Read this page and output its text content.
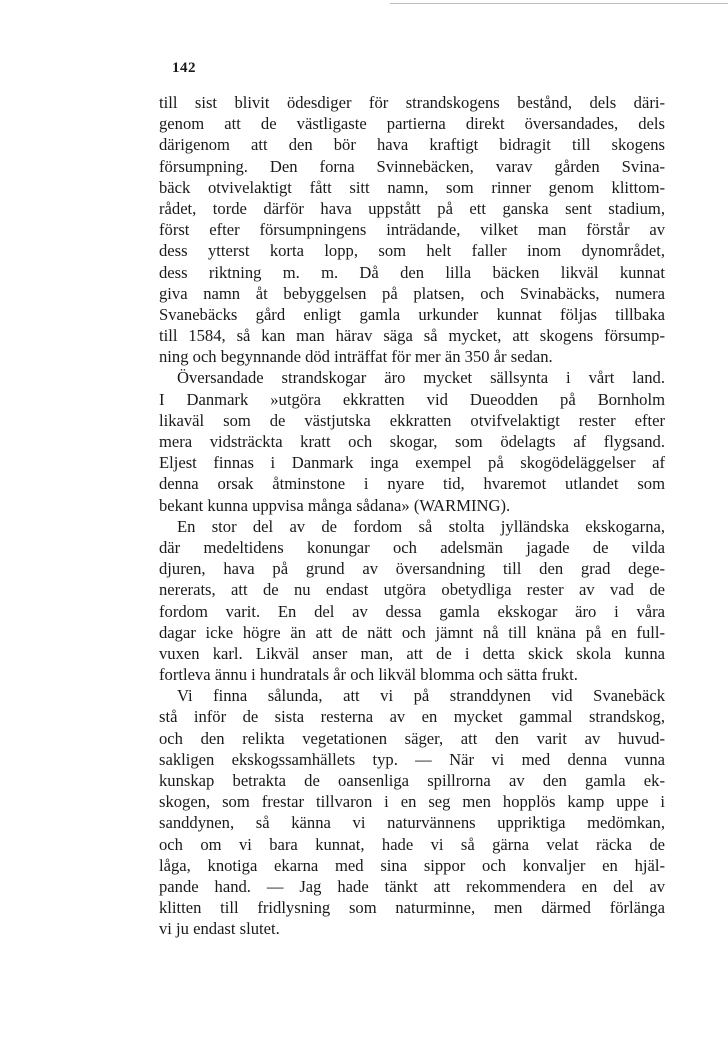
142
till sist blivit ödesdiger för strandskogens bestånd, dels däri-
genom att de västligaste partierna direkt översandades, dels
därigenom att den bör hava kraftigt bidragit till skogens
försumpning. Den forna Svinnebäcken, varav gården Svina-
bäck otvivelaktigt fått sitt namn, som rinner genom klittom-
rådet, torde därför hava uppstått på ett ganska sent stadium,
först efter försumpningens inträdande, vilket man förstår av
dess ytterst korta lopp, som helt faller inom dynområdet,
dess riktning m. m. Då den lilla bäcken likväl kunnat
giva namn åt bebyggelsen på platsen, och Svinabäcks, numera
Svanebäcks gård enligt gamla urkunder kunnat följas tillbaka
till 1584, så kan man härav säga så mycket, att skogens försump-
ning och begynnande död inträffat för mer än 350 år sedan.
Översandade strandskogar äro mycket sällsynta i vårt land.
I Danmark »utgöra ekkratten vid Dueodden på Bornholm
likaväl som de västjutska ekkratten otvifvelaktigt rester efter
mera vidsträckta kratt och skogar, som ödelagts af flygsand.
Eljest finnas i Danmark inga exempel på skogödeläggelser af
denna orsak åtminstone i nyare tid, hvaremot utlandet som
bekant kunna uppvisa många sådana» (WARMING).
En stor del av de fordom så stolta jylländska ekskogarna,
där medeltidens konungar och adelsmän jagade de vilda
djuren, hava på grund av översandning till den grad dege-
nererats, att de nu endast utgöra obetydliga rester av vad de
fordom varit. En del av dessa gamla ekskogar äro i våra
dagar icke högre än att de nätt och jämnt nå till knäna på en full-
vuxen karl. Likväl anser man, att de i detta skick skola kunna
fortleva ännu i hundratals år och likväl blomma och sätta frukt.
Vi finna sålunda, att vi på stranddynen vid Svanebäck
stå inför de sista resterna av en mycket gammal strandskog,
och den relikta vegetationen säger, att den varit av huvud-
sakligen ekskogssamhällets typ. — När vi med denna vunna
kunskap betrakta de oansenliga spillrorna av den gamla ek-
skogen, som frestar tillvaron i en seg men hopplös kamp uppe i
sanddynen, så känna vi naturvännens uppriktiga medömkan,
och om vi bara kunnat, hade vi så gärna velat räcka de
låga, knotiga ekarna med sina sippor och konvaljer en hjäl-
pande hand. — Jag hade tänkt att rekommendera en del av
klitten till fridlysning som naturminne, men därmed förlänga
vi ju endast slutet.
